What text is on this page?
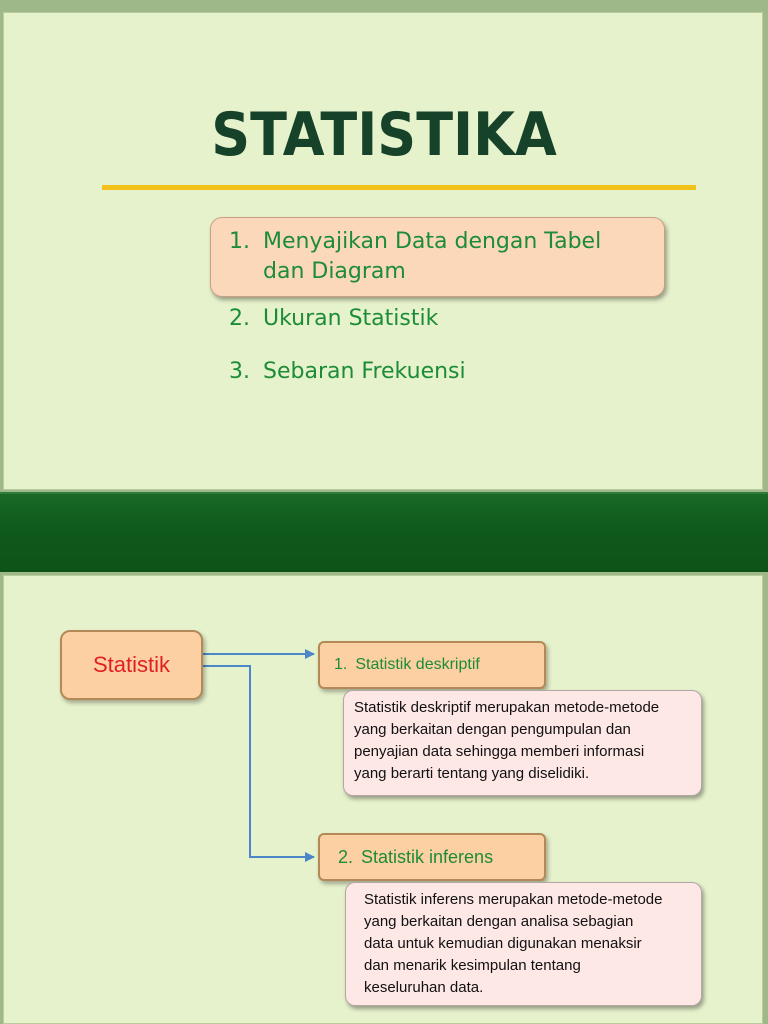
STATISTIKA
1. Menyajikan Data dengan Tabel
dan Diagram
2. Ukuran Statistik
3. Sebaran Frekuensi
Statistik	1. Statistik deskriptif
Statistik deskriptif merupakan metode-metode
yang berkaitan dengan pengumpulan dan
penyajian data sehingga memberi informasi
yang berarti tentang yang diselidiki.
2. Statistik inferens
Statistik inferens merupakan metode-metode
yang berkaitan dengan analisa sebagian
data untuk kemudian digunakan menaksir
dan menarik kesimpulan tentang
keseluruhan data.
